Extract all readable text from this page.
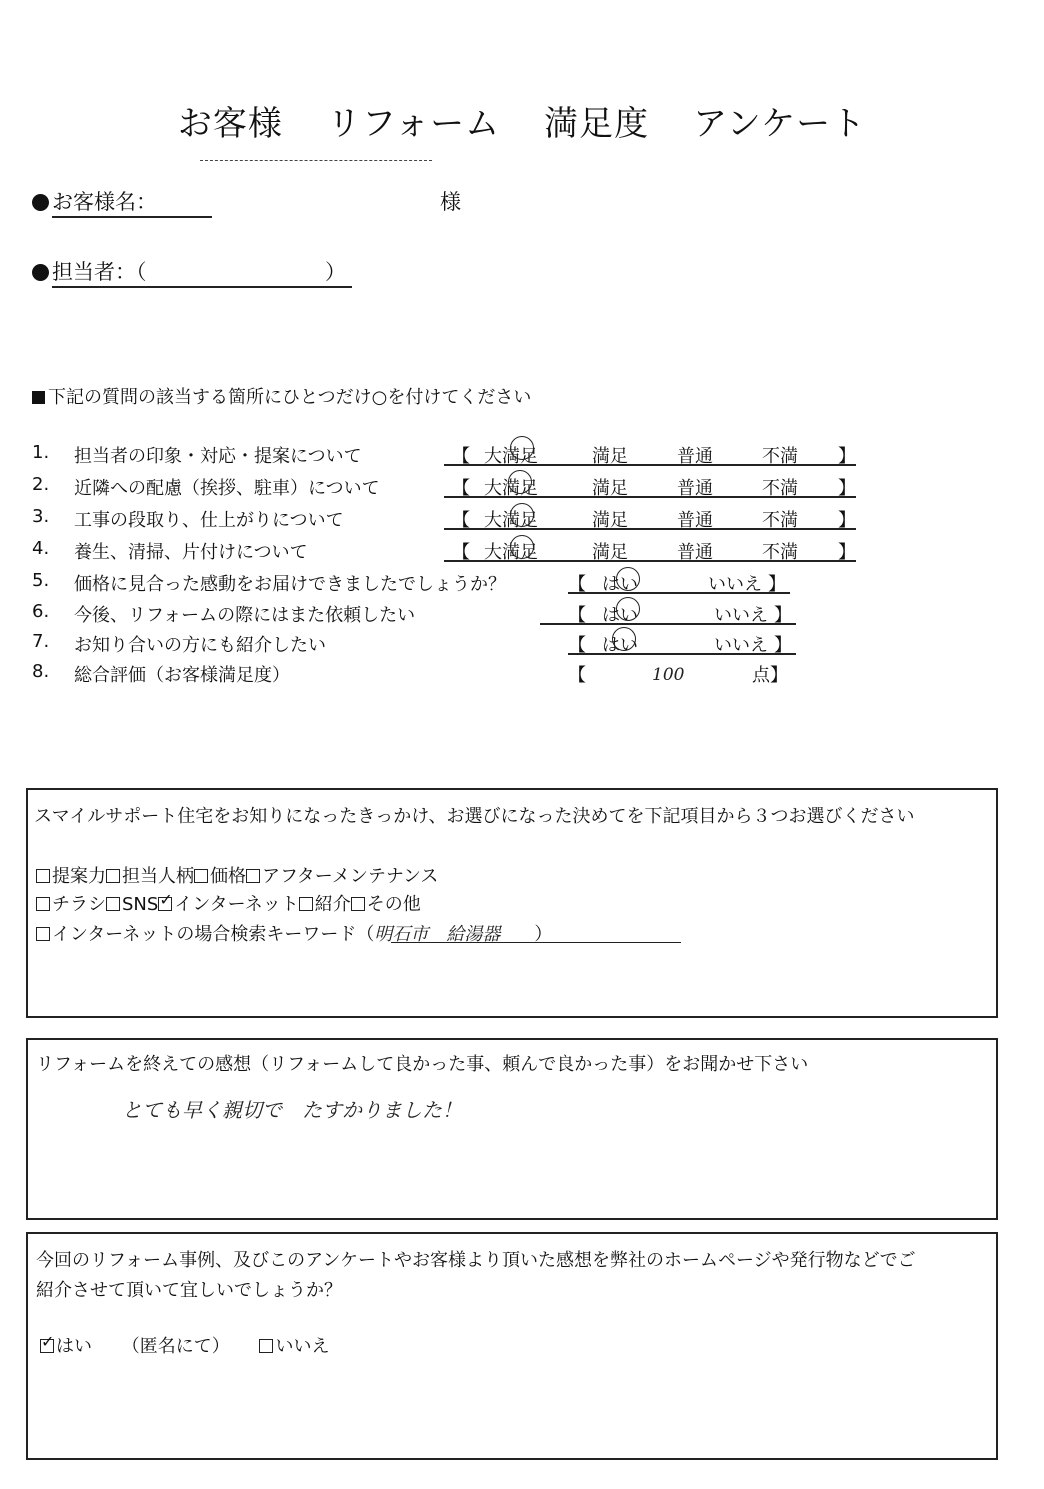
お客様 リフォーム 満足度 アンケート
お客様名：	様
担当者：（	）
下記の質問の該当する箇所にひとつだけ○を付けてください
1.	担当者の印象・対応・提案について	【 大満足	満足	普通	不満 】
2.	近隣への配慮（挨拶、駐車）について	【 大満足	満足	普通	不満 】
3.	工事の段取り、仕上がりについて	【 大満足	満足	普通	不満 】
4.	養生、清掃、片付けについて	【 大満足	満足	普通	不満 】
5.	価格に見合った感動をお届けできましたでしょうか？	【 はい	いいえ 】
6.	今後、リフォームの際にはまた依頼したい	【 はい	いいえ 】
7.	お知り合いの方にも紹介したい	【 はい	いいえ 】
8.	総合評価（お客様満足度）	【	100	点】
スマイルサポート住宅をお知りになったきっかけ、お選びになった決めてを下記項目から３つお選びください
提案力 担当人柄 価格 アフターメンテナンス
チラシ SNS✓ インターネット 紹介 その他
インターネットの場合検索キーワード（明石市　給湯器 ）
リフォームを終えての感想（リフォームして良かった事、頼んで良かった事）をお聞かせ下さい
とても早く親切で　たすかりました！
今回のリフォーム事例、及びこのアンケートやお客様より頂いた感想を弊社のホームページや発行物などでご
紹介させて頂いて宜しいでしょうか？
✓はい （匿名にて）	いいえ
